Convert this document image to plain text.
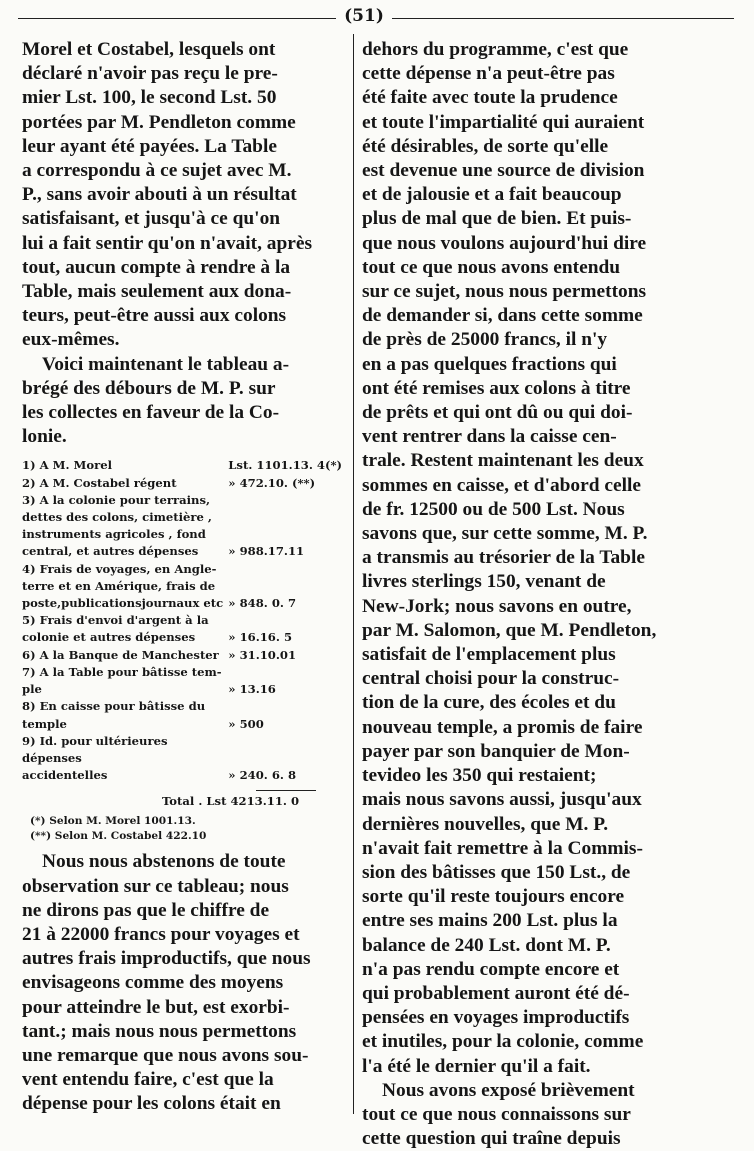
(51)

Morel et Costabel, lesquels ont
déclaré n'avoir pas reçu le pre-
mier Lst. 100, le second Lst. 50
portées par M. Pendleton comme
leur ayant été payées. La Table
a correspondu à ce sujet avec M.
P., sans avoir abouti à un résultat
satisfaisant, et jusqu'à ce qu'on
lui a fait sentir qu'on n'avait, après
tout, aucun compte à rendre à la
Table, mais seulement aux dona-
teurs, peut-être aussi aux colons
eux-mêmes.

Voici maintenant le tableau a-
brégé des débours de M. P. sur
les collectes en faveur de la Co-
lonie.

1) A M. Morel	Lst. 1101.13. 4(*)
2) A M. Costabel régent	» 472.10. (**)
3) A la colonie pour terrains,
dettes des colons, cimetière ,
instruments agricoles , fond
central, et autres dépenses	» 988.17.11
4) Frais de voyages, en Angle-
terre et en Amérique, frais de
poste,publicationsjournaux etc	» 848. 0. 7
5) Frais d'envoi d'argent à la
colonie et autres dépenses	» 16.16. 5
6) A la Banque de Manchester	» 31.10.01
7) A la Table pour bâtisse tem-
ple	» 13.16
8) En caisse pour bâtisse du
temple	» 500
9) Id. pour ultérieures dépenses
accidentelles	» 240. 6. 8
Total . Lst 4213.11. 0
(*) Selon M. Morel 1001.13.
(**) Selon M. Costabel 422.10

Nous nous abstenons de toute
observation sur ce tableau; nous
ne dirons pas que le chiffre de
21 à 22000 francs pour voyages et
autres frais improductifs, que nous
envisageons comme des moyens
pour atteindre le but, est exorbi-
tant.; mais nous nous permettons
une remarque que nous avons sou-
vent entendu faire, c'est que la
dépense pour les colons était en

dehors du programme, c'est que
cette dépense n'a peut-être pas
été faite avec toute la prudence
et toute l'impartialité qui auraient
été désirables, de sorte qu'elle
est devenue une source de division
et de jalousie et a fait beaucoup
plus de mal que de bien. Et puis-
que nous voulons aujourd'hui dire
tout ce que nous avons entendu
sur ce sujet, nous nous permettons
de demander si, dans cette somme
de près de 25000 francs, il n'y
en a pas quelques fractions qui
ont été remises aux colons à titre
de prêts et qui ont dû ou qui doi-
vent rentrer dans la caisse cen-
trale. Restent maintenant les deux
sommes en caisse, et d'abord celle
de fr. 12500 ou de 500 Lst. Nous
savons que, sur cette somme, M. P.
a transmis au trésorier de la Table
livres sterlings 150, venant de
New-Jork; nous savons en outre,
par M. Salomon, que M. Pendleton,
satisfait de l'emplacement plus
central choisi pour la construc-
tion de la cure, des écoles et du
nouveau temple, a promis de faire
payer par son banquier de Mon-
tevideo les 350 qui restaient;
mais nous savons aussi, jusqu'aux
dernières nouvelles, que M. P.
n'avait fait remettre à la Commis-
sion des bâtisses que 150 Lst., de
sorte qu'il reste toujours encore
entre ses mains 200 Lst. plus la
balance de 240 Lst. dont M. P.
n'a pas rendu compte encore et
qui probablement auront été dé-
pensées en voyages improductifs
et inutiles, pour la colonie, comme
l'a été le dernier qu'il a fait.

Nous avons exposé brièvement
tout ce que nous connaissons sur
cette question qui traîne depuis
